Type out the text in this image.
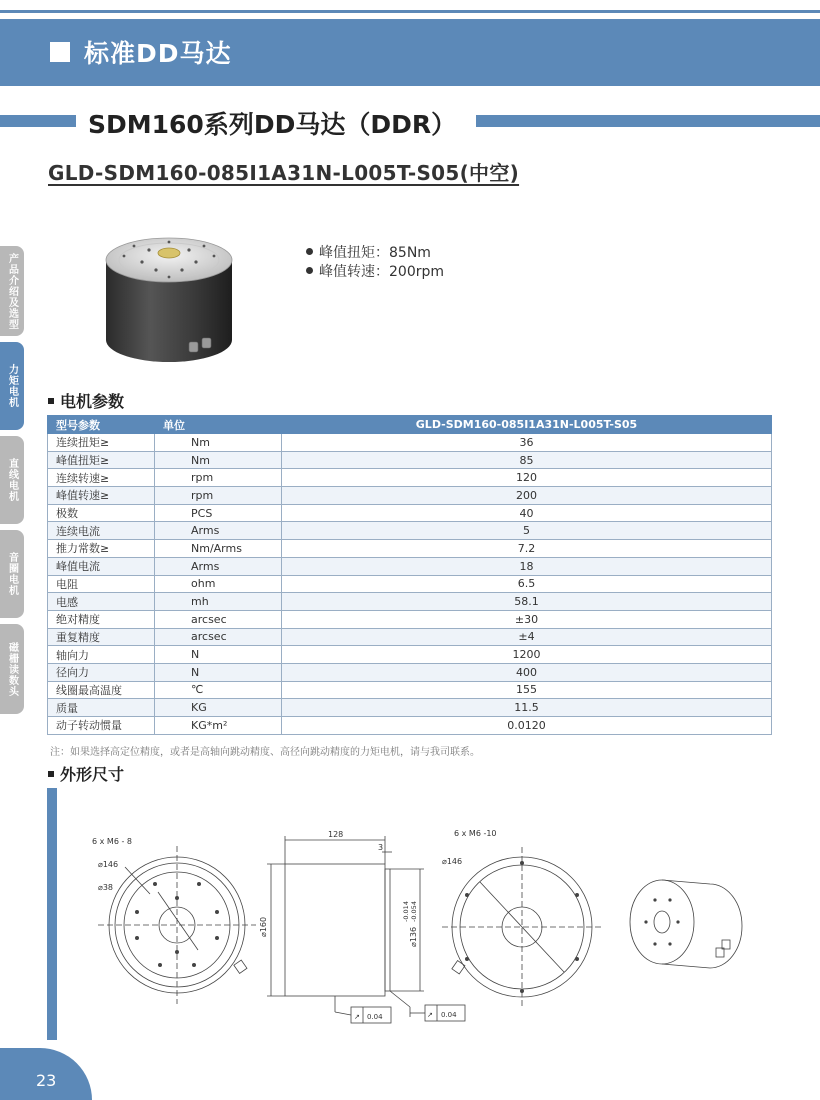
标准DD马达
SDM160系列DD马达（DDR）
GLD-SDM160-085I1A31N-L005T-S05(中空)
产品介绍及选型
力矩电机
直线电机
音圈电机
磁栅读数头
峰值扭矩：85Nm
峰值转速：200rpm
电机参数
型号参数	单位	GLD-SDM160-085I1A31N-L005T-S05
连续扭矩≥	Nm	36
峰值扭矩≥	Nm	85
连续转速≥	rpm	120
峰值转速≥	rpm	200
极数	PCS	40
连续电流	Arms	5
推力常数≥	Nm/Arms	7.2
峰值电流	Arms	18
电阻	ohm	6.5
电感	mh	58.1
绝对精度	arcsec	±30
重复精度	arcsec	±4
轴向力	N	1200
径向力	N	400
线圈最高温度	℃	155
质量	KG	11.5
动子转动惯量	KG*m²	0.0120
注：如果选择高定位精度，或者是高轴向跳动精度、高径向跳动精度的力矩电机，请与我司联系。
外形尺寸
6 x M6 - 8
⌀146
⌀38
128
3
⌀160	⌀136
-0.014 -0.054
↗ 0.04	↗ 0.04
6 x M6 -10
⌀146
23
